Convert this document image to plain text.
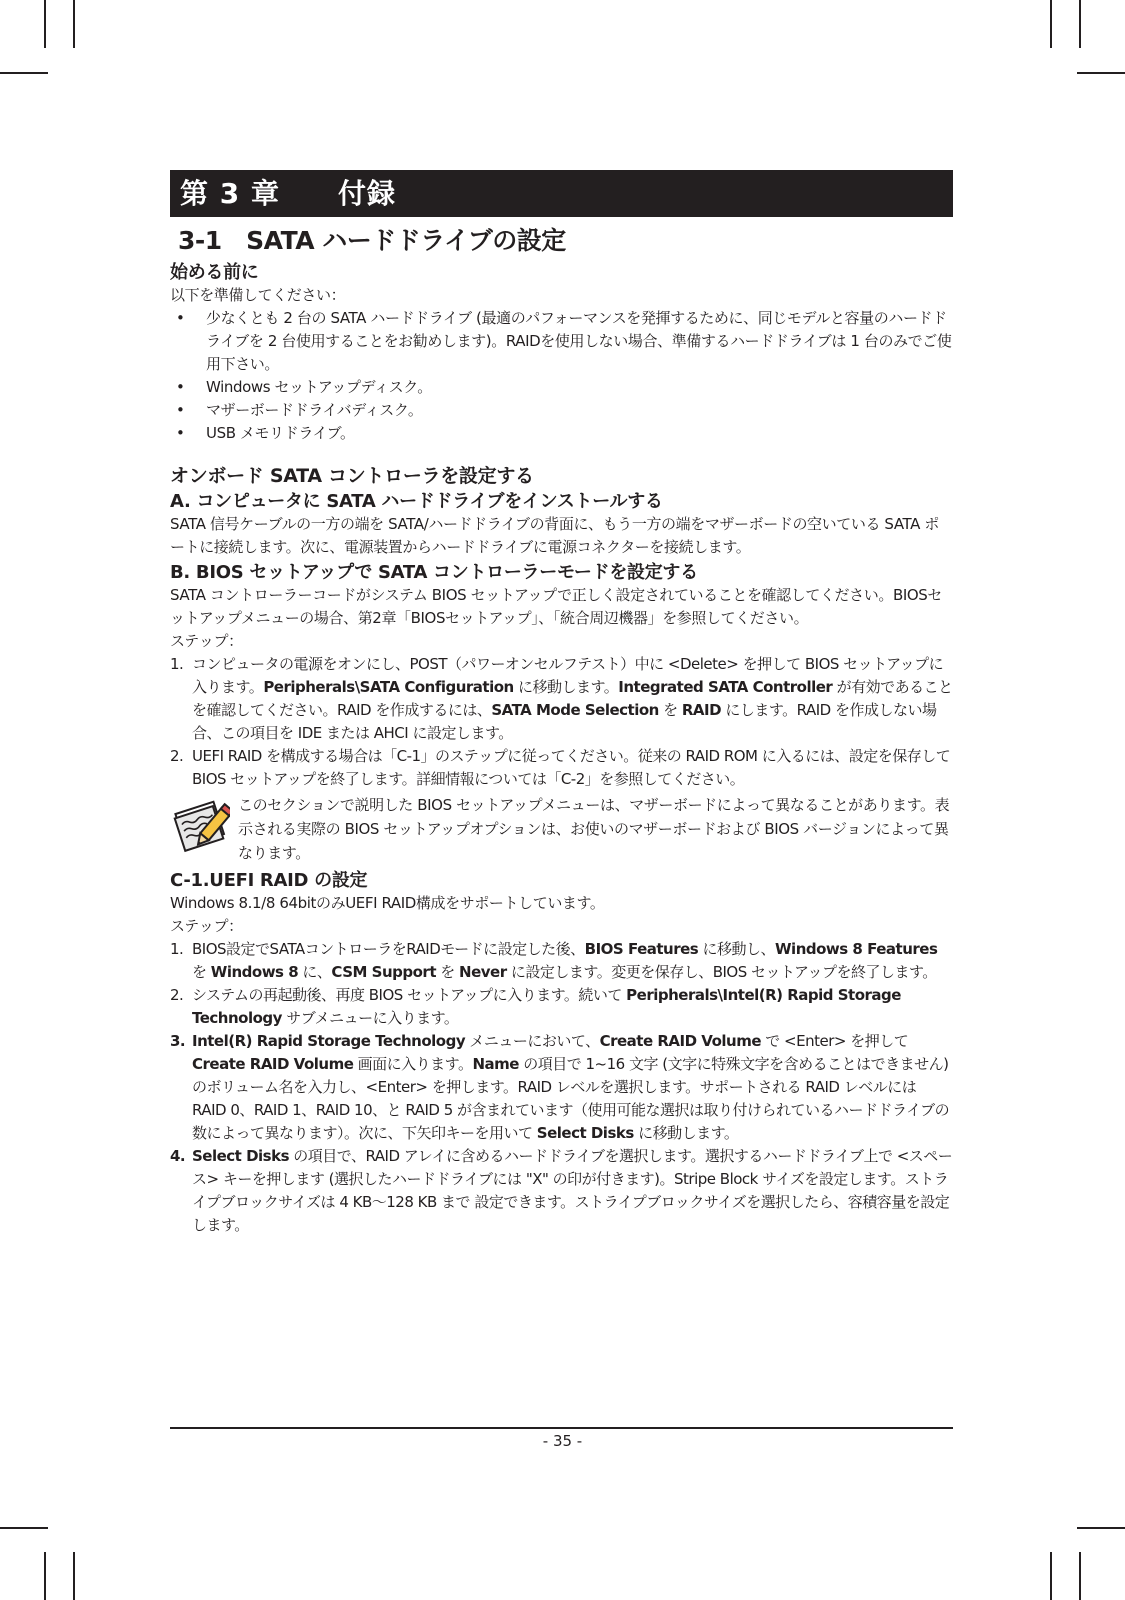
第 3 章　　付録
3-1　SATA ハードドライブの設定
始める前に

以下を準備してください：

• 少なくとも 2 台の SATA ハードドライブ (最適のパフォーマンスを発揮するために、同じモデルと容量のハードドライブを 2 台使用することをお勧めします)。RAIDを使用しない場合、準備するハードドライブは 1 台のみでご使用下さい。
• Windows セットアップディスク。
• マザーボードドライバディスク。
• USB メモリドライブ。
オンボード SATA コントローラを設定する
A. コンピュータに SATA ハードドライブをインストールする

SATA 信号ケーブルの一方の端を SATA/ハードドライブの背面に、もう一方の端をマザーボードの空いている SATA ポートに接続します。次に、電源装置からハードドライブに電源コネクターを接続します。

B. BIOS セットアップで SATA コントローラーモードを設定する

SATA コントローラーコードがシステム BIOS セットアップで正しく設定されていることを確認してください。BIOSセットアップメニューの場合、第2章「BIOSセットアップ」、「統合周辺機器」を参照してください。

ステップ：

1. コンピュータの電源をオンにし、POST（パワーオンセルフテスト）中に <Delete> を押して BIOS セットアップに入ります。Peripherals\SATA Configuration に移動します。Integrated SATA Controller が有効であることを確認してください。RAID を作成するには、SATA Mode Selection を RAID にします。RAID を作成しない場合、この項目を IDE または AHCI に設定します。
2. UEFI RAID を構成する場合は「C-1」のステップに従ってください。従来の RAID ROM に入るには、設定を保存して BIOS セットアップを終了します。詳細情報については「C-2」を参照してください。

このセクションで説明した BIOS セットアップメニューは、マザーボードによって異なることがあります。表示される実際の BIOS セットアップオプションは、お使いのマザーボードおよび BIOS バージョンによって異なります。

C-1.UEFI RAID の設定

Windows 8.1/8 64bitのみUEFI RAID構成をサポートしています。

ステップ：

1. BIOS設定でSATAコントローラをRAIDモードに設定した後、BIOS Features に移動し、Windows 8 Features を Windows 8 に、CSM Support を Never に設定します。変更を保存し、BIOS セットアップを終了します。
2. システムの再起動後、再度 BIOS セットアップに入ります。続いて Peripherals\Intel(R) Rapid Storage Technology サブメニューに入ります。
3. Intel(R) Rapid Storage Technology メニューにおいて、Create RAID Volume で <Enter> を押して Create RAID Volume 画面に入ります。Name の項目で 1~16 文字 (文字に特殊文字を含めることはできません) のボリューム名を入力し、<Enter> を押します。RAID レベルを選択します。サポートされる RAID レベルには RAID 0、RAID 1、RAID 10、と RAID 5 が含まれています（使用可能な選択は取り付けられているハードドライブの数によって異なります）。次に、下矢印キーを用いて Select Disks に移動します。
4. Select Disks の項目で、RAID アレイに含めるハードドライブを選択します。選択するハードドライブ上で <スペース> キーを押します (選択したハードドライブには "X" の印が付きます)。Stripe Block サイズを設定します。ストライプブロックサイズは 4 KB～128 KB まで 設定できます。ストライプブロックサイズを選択したら、容積容量を設定します。
- 35 -
